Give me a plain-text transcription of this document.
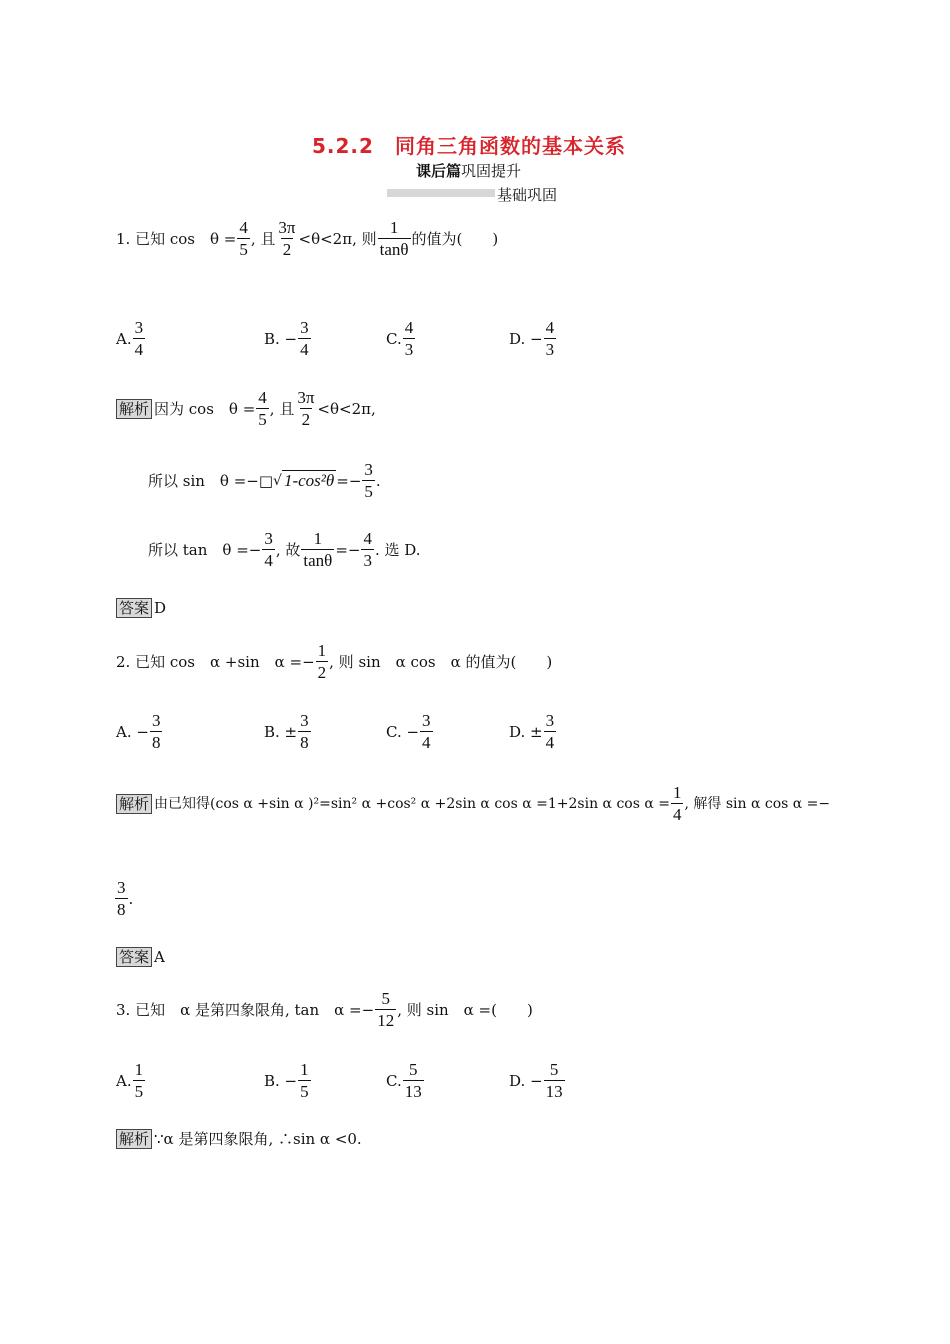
5.2.2　同角三角函数的基本关系
课后篇巩固提升
基础巩固
1. 已知 cos　$\theta = \frac{4}{5}$ , 且 $\frac{3\pi}{2} <\theta<2\pi$, 则 $\frac{1}{\tan\theta}$ 的值为(　　)
A. $\frac{3}{4}$	B. − $\frac{3}{4}$	C. $\frac{4}{3}$	D. − $\frac{4}{3}$
解析 因为 cos　$\theta = \frac{4}{5}$ , 且 $\frac{3\pi}{2} <\theta<2\pi$,
所以 sin　θ =−□ √ $1-\cos^2\theta =- \frac{3}{5}$ .
所以 tan　$\theta =- \frac{3}{4}$ , 故 $\frac{1}{\tan\theta} =- \frac{4}{3}$ . 选 D.
答案 D
2. 已知 cos　α +sin　$\alpha =- \frac{1}{2}$ , 则 sin　α cos　α 的值为(　　)
A. − $\frac{3}{8}$	B. ± $\frac{3}{8}$	C. − $\frac{3}{4}$	D. ± $\frac{3}{4}$
解析 由已知得(cos α +sin α )²=sin² α +cos² α +2sin α cos α =1+2sin α $\cos \alpha = \frac{1}{4}$ , 解得 sin α cos α =−
$\frac{3}{8}$ .
答案 A
3. 已知　α 是第四象限角, tan　$\alpha =- \frac{5}{12}$ , 则 sin　α =(　　)
A. $\frac{1}{5}$	B. − $\frac{1}{5}$	C. $\frac{5}{13}$	D. − $\frac{5}{13}$
解析 ∵α 是第四象限角, ∴sin α <0.
